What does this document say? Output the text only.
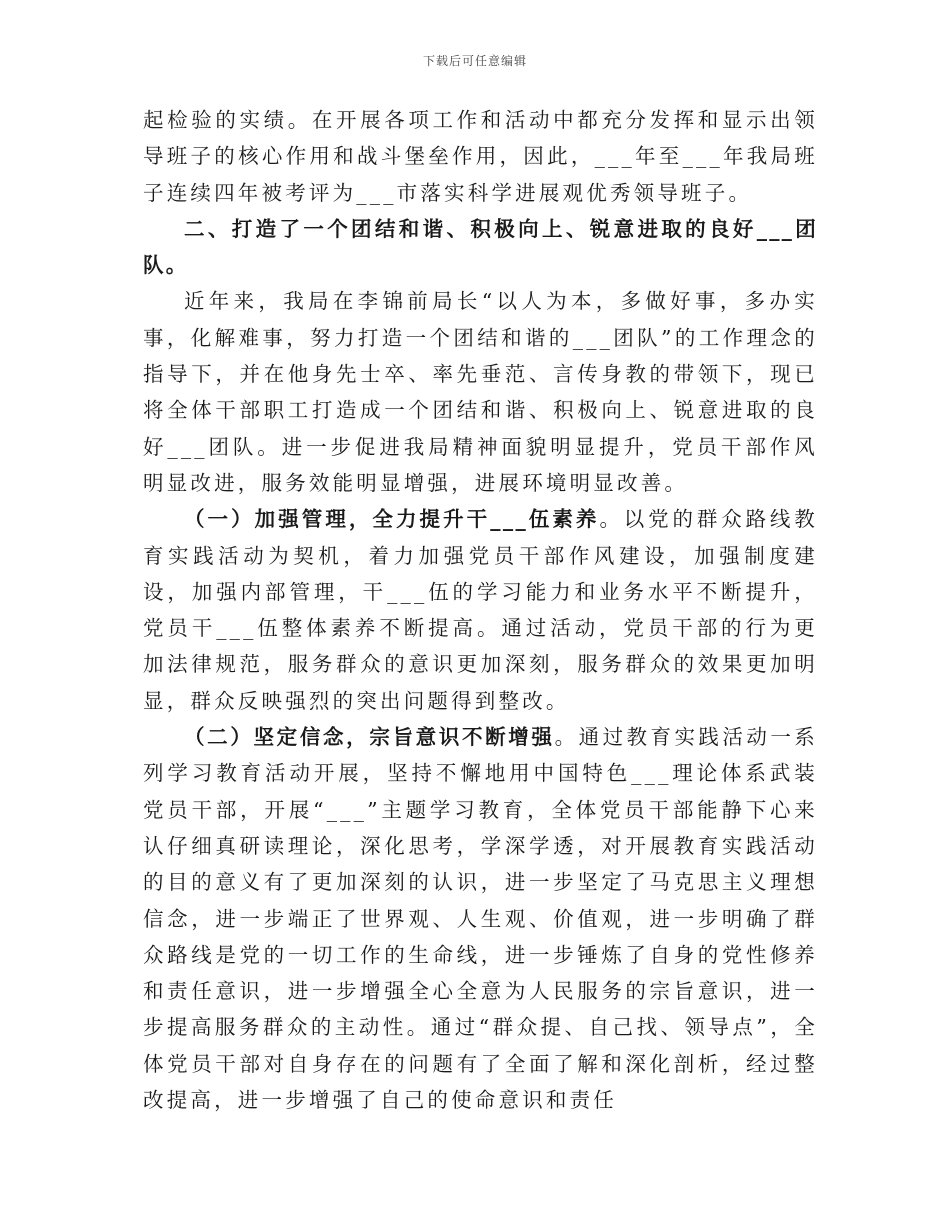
下载后可任意编辑

起检验的实绩。在开展各项工作和活动中都充分发挥和显示出领导班子的核心作用和战斗堡垒作用，因此，___年至___年我局班子连续四年被考评为___市落实科学进展观优秀领导班子。

二、打造了一个团结和谐、积极向上、锐意进取的良好___团队。

近年来，我局在李锦前局长“以人为本，多做好事，多办实事，化解难事，努力打造一个团结和谐的___团队”的工作理念的指导下，并在他身先士卒、率先垂范、言传身教的带领下，现已将全体干部职工打造成一个团结和谐、积极向上、锐意进取的良好___团队。进一步促进我局精神面貌明显提升，党员干部作风明显改进，服务效能明显增强，进展环境明显改善。

（一）加强管理，全力提升干___伍素养。以党的群众路线教育实践活动为契机，着力加强党员干部作风建设，加强制度建设，加强内部管理，干___伍的学习能力和业务水平不断提升，党员干___伍整体素养不断提高。通过活动，党员干部的行为更加法律规范，服务群众的意识更加深刻，服务群众的效果更加明显，群众反映强烈的突出问题得到整改。

（二）坚定信念，宗旨意识不断增强。通过教育实践活动一系列学习教育活动开展，坚持不懈地用中国特色___理论体系武装党员干部，开展“___”主题学习教育，全体党员干部能静下心来认仔细真研读理论，深化思考，学深学透，对开展教育实践活动的目的意义有了更加深刻的认识，进一步坚定了马克思主义理想信念，进一步端正了世界观、人生观、价值观，进一步明确了群众路线是党的一切工作的生命线，进一步锤炼了自身的党性修养和责任意识，进一步增强全心全意为人民服务的宗旨意识，进一步提高服务群众的主动性。通过“群众提、自己找、领导点”，全体党员干部对自身存在的问题有了全面了解和深化剖析，经过整改提高，进一步增强了自己的使命意识和责任
